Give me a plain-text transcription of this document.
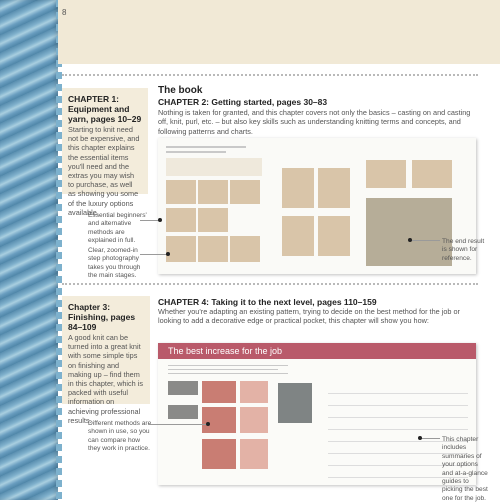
8
CHAPTER 1: Equipment and yarn, pages 10–29
Starting to knit need not be expensive, and this chapter explains the essential items you'll need and the extras you may wish to purchase, as well as showing you some of the luxury options available.
The book
CHAPTER 2: Getting started, pages 30–83
Nothing is taken for granted, and this chapter covers not only the basics – casting on and casting off, knit, purl, etc. – but also key skills such as understanding knitting terms and concepts, and following patterns and charts.
Essential beginners' and alternative methods are explained in full.
Clear, zoomed-in step photography takes you through the main stages.
The end result is shown for reference.
Chapter 3: Finishing, pages 84–109
A good knit can be turned into a great knit with some simple tips on finishing and making up – find them in this chapter, which is packed with useful information on achieving professional results.
CHAPTER 4: Taking it to the next level, pages 110–159
Whether you're adapting an existing pattern, trying to decide on the best method for the job or looking to add a decorative edge or practical pocket, this chapter will show you how:
The best increase for the job
Different methods are shown in use, so you can compare how they work in practice.
This chapter includes summaries of your options and at-a-glance guides to picking the best one for the job.
